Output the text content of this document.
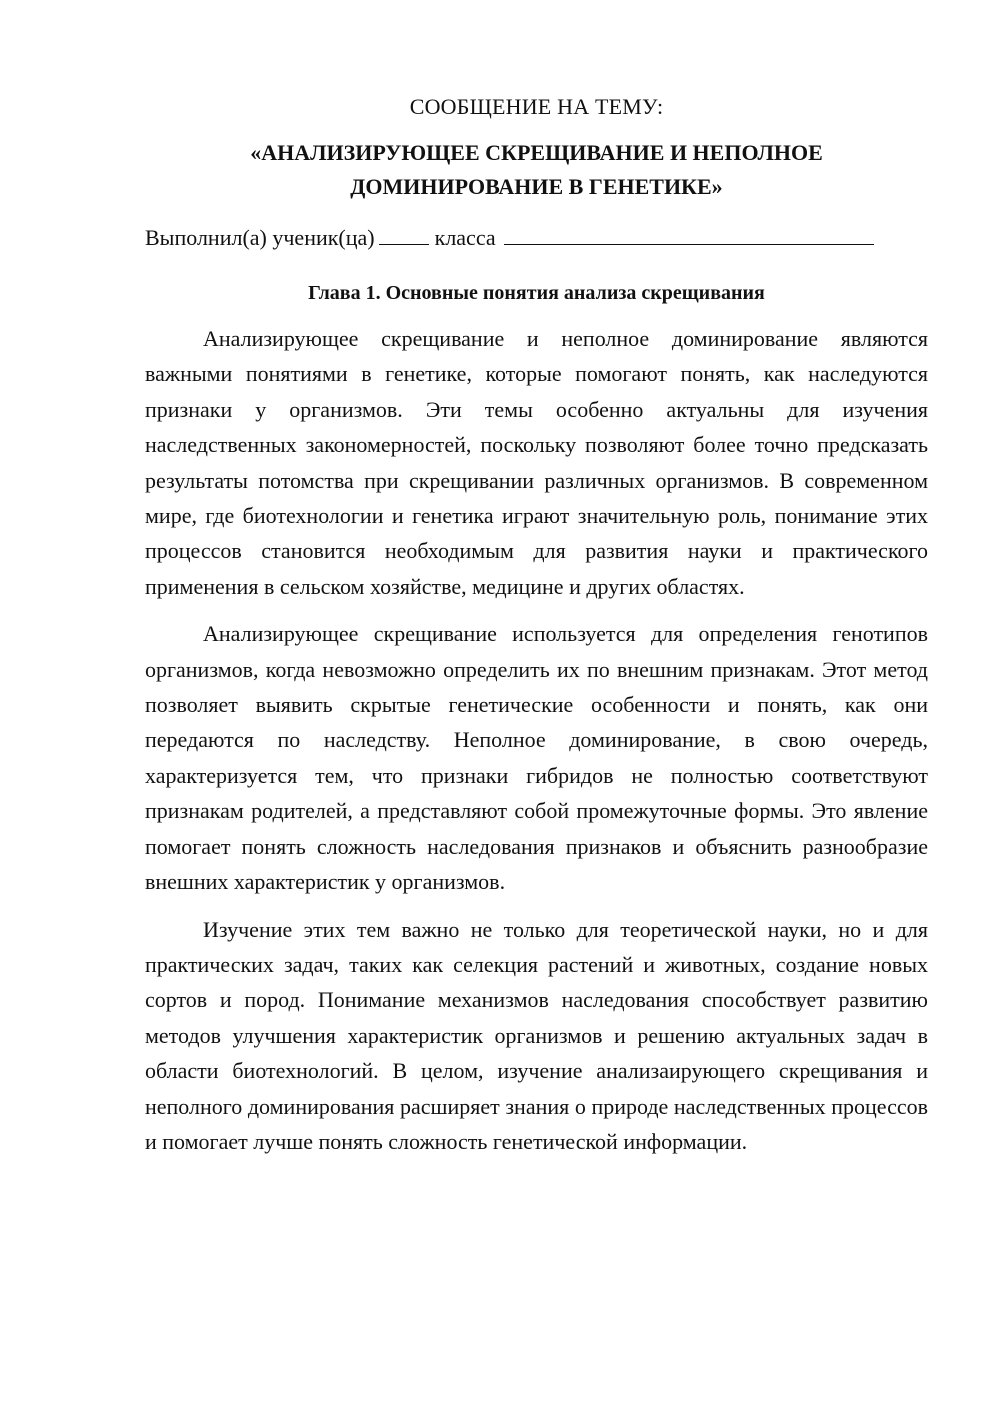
СООБЩЕНИЕ НА ТЕМУ:
«АНАЛИЗИРУЮЩЕЕ СКРЕЩИВАНИЕ И НЕПОЛНОЕ
ДОМИНИРОВАНИЕ В ГЕНЕТИКЕ»
Выполнил(а) ученик(ца)	класса
Глава 1. Основные понятия анализа скрещивания

Анализирующее скрещивание и неполное доминирование являются важными понятиями в генетике, которые помогают понять, как наследуются признаки у организмов. Эти темы особенно актуальны для изучения наследственных закономерностей, поскольку позволяют более точно предсказать результаты потомства при скрещивании различных организмов. В современном мире, где биотехнологии и генетика играют значительную роль, понимание этих процессов становится необходимым для развития науки и практического применения в сельском хозяйстве, медицине и других областях.

Анализирующее скрещивание используется для определения генотипов организмов, когда невозможно определить их по внешним признакам. Этот метод позволяет выявить скрытые генетические особенности и понять, как они передаются по наследству. Неполное доминирование, в свою очередь, характеризуется тем, что признаки гибридов не полностью соответствуют признакам родителей, а представляют собой промежуточные формы. Это явление помогает понять сложность наследования признаков и объяснить разнообразие внешних характеристик у организмов.

Изучение этих тем важно не только для теоретической науки, но и для практических задач, таких как селекция растений и животных, создание новых сортов и пород. Понимание механизмов наследования способствует развитию методов улучшения характеристик организмов и решению актуальных задач в области биотехнологий. В целом, изучение анализаирующего скрещивания и неполного доминирования расширяет знания о природе наследственных процессов и помогает лучше понять сложность генетической информации.
